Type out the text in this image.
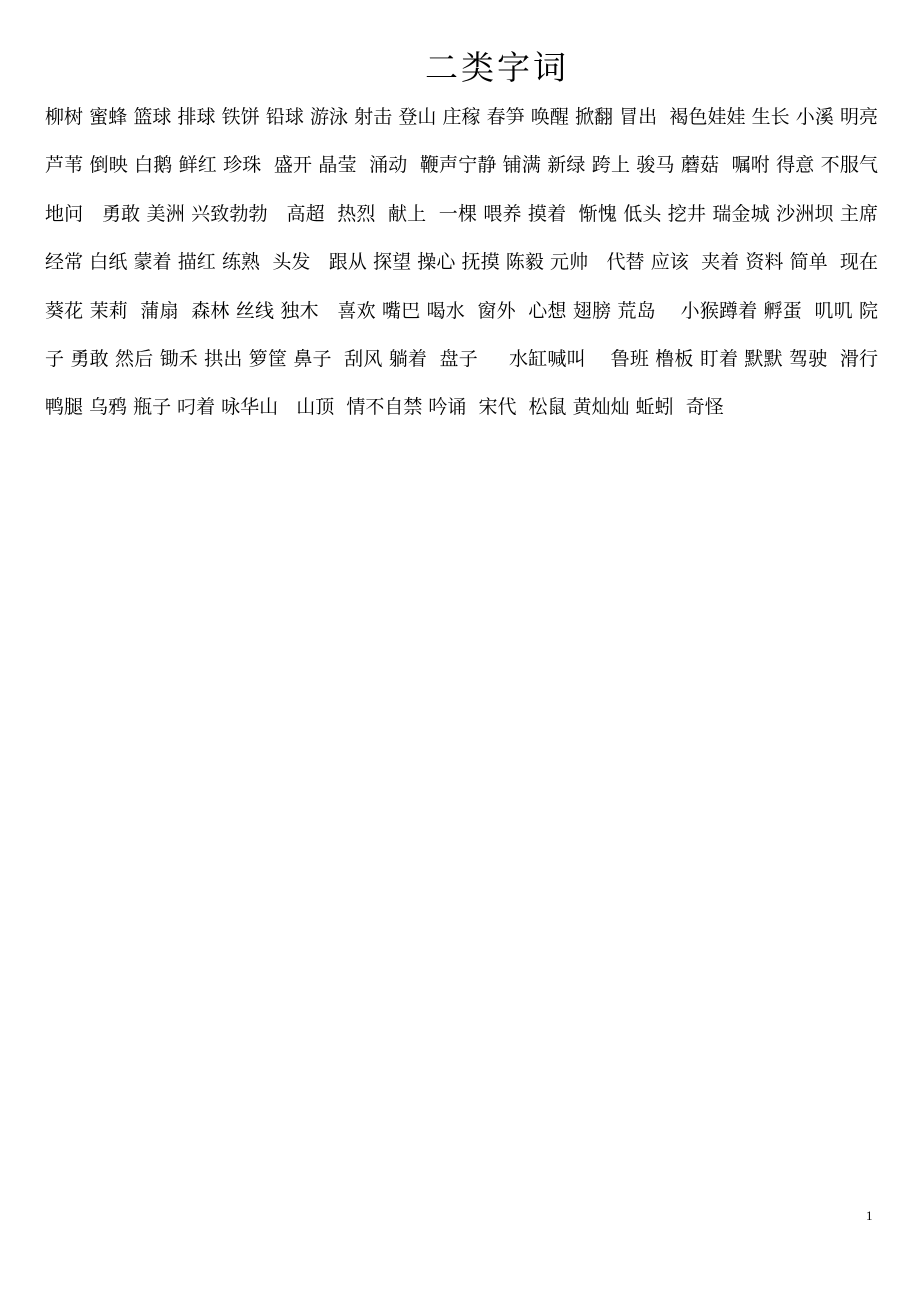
二类字词

柳树 蜜蜂 篮球 排球 铁饼 铅球 游泳 射击 登山 庄稼 春笋 唤醒 掀翻 冒出  褐色娃娃 生长 小溪 明亮 芦苇 倒映 白鹅 鲜红 珍珠  盛开 晶莹  涌动  鞭声宁静 铺满 新绿 跨上 骏马 蘑菇  嘱咐 得意 不服气地问   勇敢 美洲 兴致勃勃   高超  热烈  献上  一棵 喂养 摸着  惭愧 低头 挖井 瑞金城 沙洲坝 主席  经常 白纸 蒙着 描红 练熟  头发   跟从 探望 操心 抚摸 陈毅 元帅   代替 应该  夹着 资料 简单  现在 葵花 茉莉  蒲扇  森林 丝线 独木   喜欢 嘴巴 喝水  窗外  心想 翅膀 荒岛    小猴蹲着 孵蛋  叽叽 院子 勇敢 然后 锄禾 拱出 箩筐 鼻子  刮风 躺着  盘子     水缸喊叫    鲁班 橹板 盯着 默默 驾驶  滑行  鸭腿 乌鸦 瓶子 叼着 咏华山   山顶  情不自禁 吟诵  宋代  松鼠 黄灿灿 蚯蚓  奇怪

1
